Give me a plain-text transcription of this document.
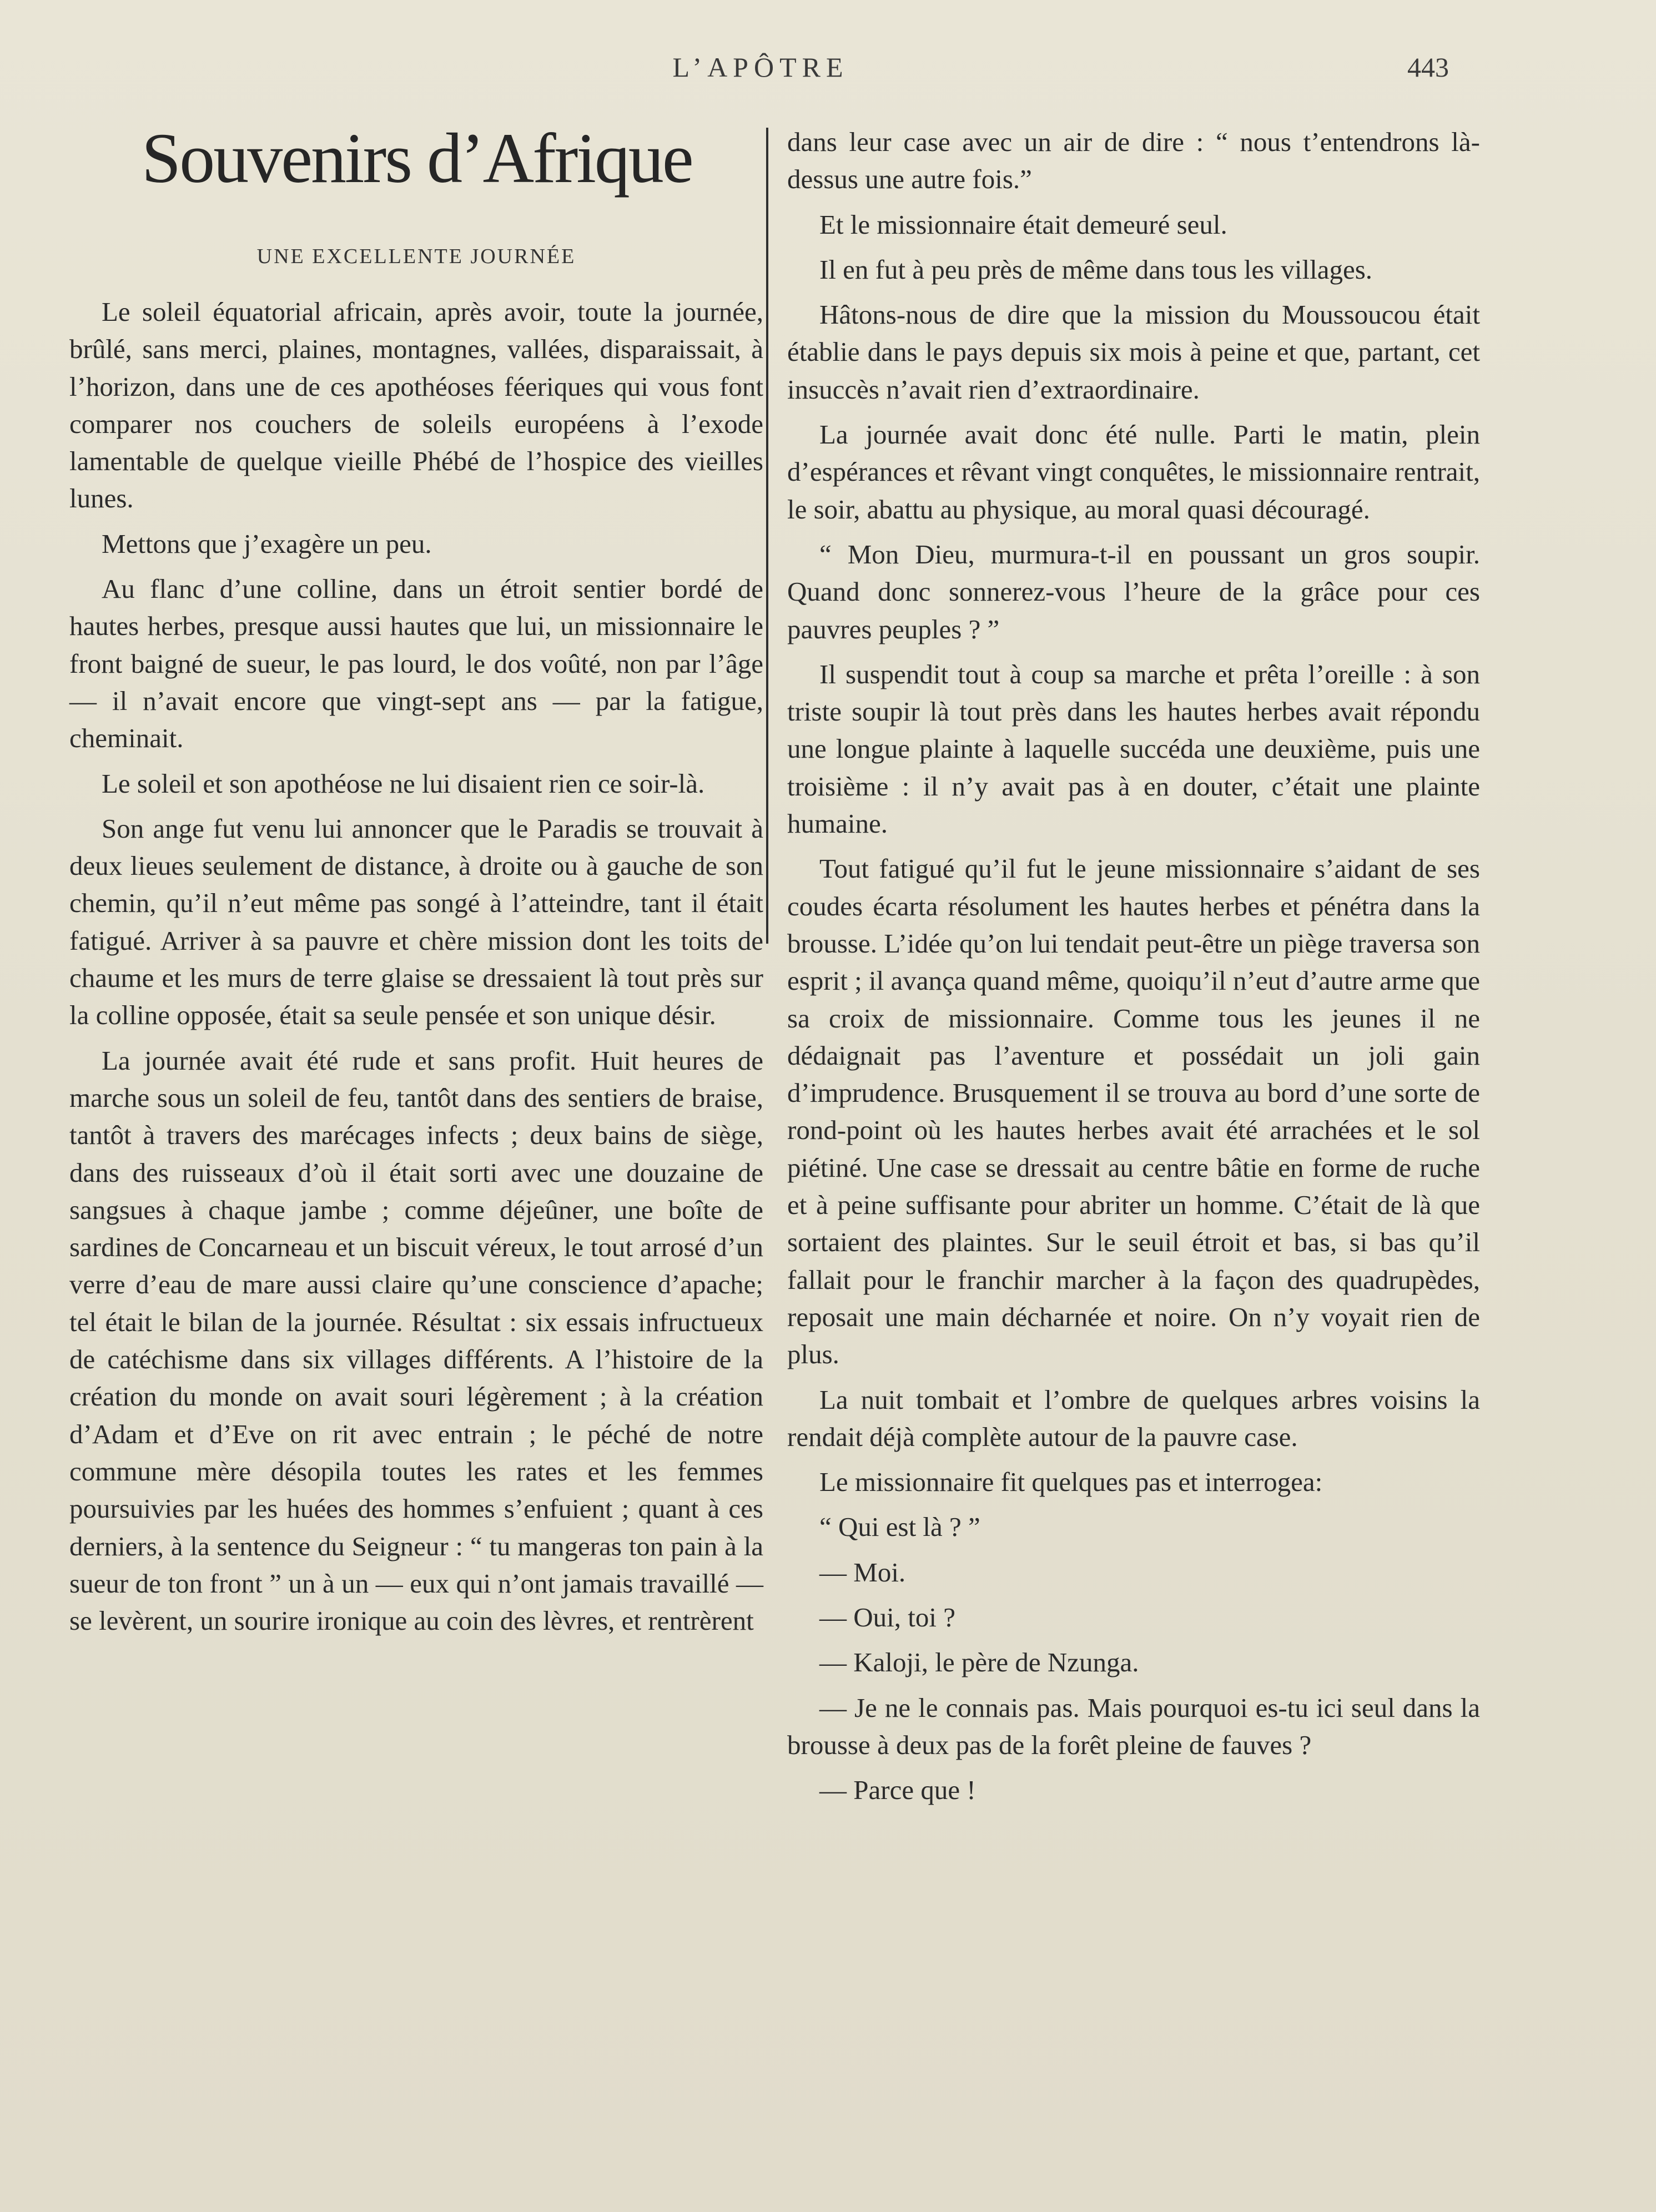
L’APÔTRE	443
Souvenirs d’Afrique
UNE EXCELLENTE JOURNÉE

Le soleil équatorial africain, après avoir, toute la journée, brûlé, sans merci, plaines, montagnes, vallées, disparaissait, à l’horizon, dans une de ces apothéoses féeriques qui vous font comparer nos couchers de soleils européens à l’exode lamentable de quelque vieille Phébé de l’hospice des vieilles lunes.

Mettons que j’exagère un peu.

Au flanc d’une colline, dans un étroit sentier bordé de hautes herbes, presque aussi hautes que lui, un missionnaire le front baigné de sueur, le pas lourd, le dos voûté, non par l’âge — il n’avait encore que vingt-sept ans — par la fatigue, cheminait.

Le soleil et son apothéose ne lui disaient rien ce soir-là.

Son ange fut venu lui annoncer que le Paradis se trouvait à deux lieues seulement de distance, à droite ou à gauche de son chemin, qu’il n’eut même pas songé à l’atteindre, tant il était fatigué. Arriver à sa pauvre et chère mission dont les toits de chaume et les murs de terre glaise se dressaient là tout près sur la colline opposée, était sa seule pensée et son unique désir.

La journée avait été rude et sans profit. Huit heures de marche sous un soleil de feu, tantôt dans des sentiers de braise, tantôt à travers des marécages infects ; deux bains de siège, dans des ruisseaux d’où il était sorti avec une douzaine de sangsues à chaque jambe ; comme déjeûner, une boîte de sardines de Concarneau et un biscuit véreux, le tout arrosé d’un verre d’eau de mare aussi claire qu’une conscience d’apache; tel était le bilan de la journée. Résultat : six essais infructueux de catéchisme dans six villages différents. A l’histoire de la création du monde on avait souri légèrement ; à la création d’Adam et d’Eve on rit avec entrain ; le péché de notre commune mère désopila toutes les rates et les femmes poursuivies par les huées des hommes s’enfuient ; quant à ces derniers, à la sentence du Seigneur : “ tu mangeras ton pain à la sueur de ton front ” un à un — eux qui n’ont jamais travaillé — se levèrent, un sourire ironique au coin des lèvres, et rentrèrent

dans leur case avec un air de dire : “ nous t’entendrons là-dessus une autre fois.”

Et le missionnaire était demeuré seul.

Il en fut à peu près de même dans tous les villages.

Hâtons-nous de dire que la mission du Moussoucou était établie dans le pays depuis six mois à peine et que, partant, cet insuccès n’avait rien d’extraordinaire.

La journée avait donc été nulle. Parti le matin, plein d’espérances et rêvant vingt conquêtes, le missionnaire rentrait, le soir, abattu au physique, au moral quasi découragé.

“ Mon Dieu, murmura-t-il en poussant un gros soupir. Quand donc sonnerez-vous l’heure de la grâce pour ces pauvres peuples ? ”

Il suspendit tout à coup sa marche et prêta l’oreille : à son triste soupir là tout près dans les hautes herbes avait répondu une longue plainte à laquelle succéda une deuxième, puis une troisième : il n’y avait pas à en douter, c’était une plainte humaine.

Tout fatigué qu’il fut le jeune missionnaire s’aidant de ses coudes écarta résolument les hautes herbes et pénétra dans la brousse. L’idée qu’on lui tendait peut-être un piège traversa son esprit ; il avança quand même, quoiqu’il n’eut d’autre arme que sa croix de missionnaire. Comme tous les jeunes il ne dédaignait pas l’aventure et possédait un joli gain d’imprudence. Brusquement il se trouva au bord d’une sorte de rond-point où les hautes herbes avait été arrachées et le sol piétiné. Une case se dressait au centre bâtie en forme de ruche et à peine suffisante pour abriter un homme. C’était de là que sortaient des plaintes. Sur le seuil étroit et bas, si bas qu’il fallait pour le franchir marcher à la façon des quadrupèdes, reposait une main décharnée et noire. On n’y voyait rien de plus.

La nuit tombait et l’ombre de quelques arbres voisins la rendait déjà complète autour de la pauvre case.

Le missionnaire fit quelques pas et interrogea:

“ Qui est là ? ”

— Moi.

— Oui, toi ?

— Kaloji, le père de Nzunga.

— Je ne le connais pas. Mais pourquoi es-tu ici seul dans la brousse à deux pas de la forêt pleine de fauves ?

— Parce que !
